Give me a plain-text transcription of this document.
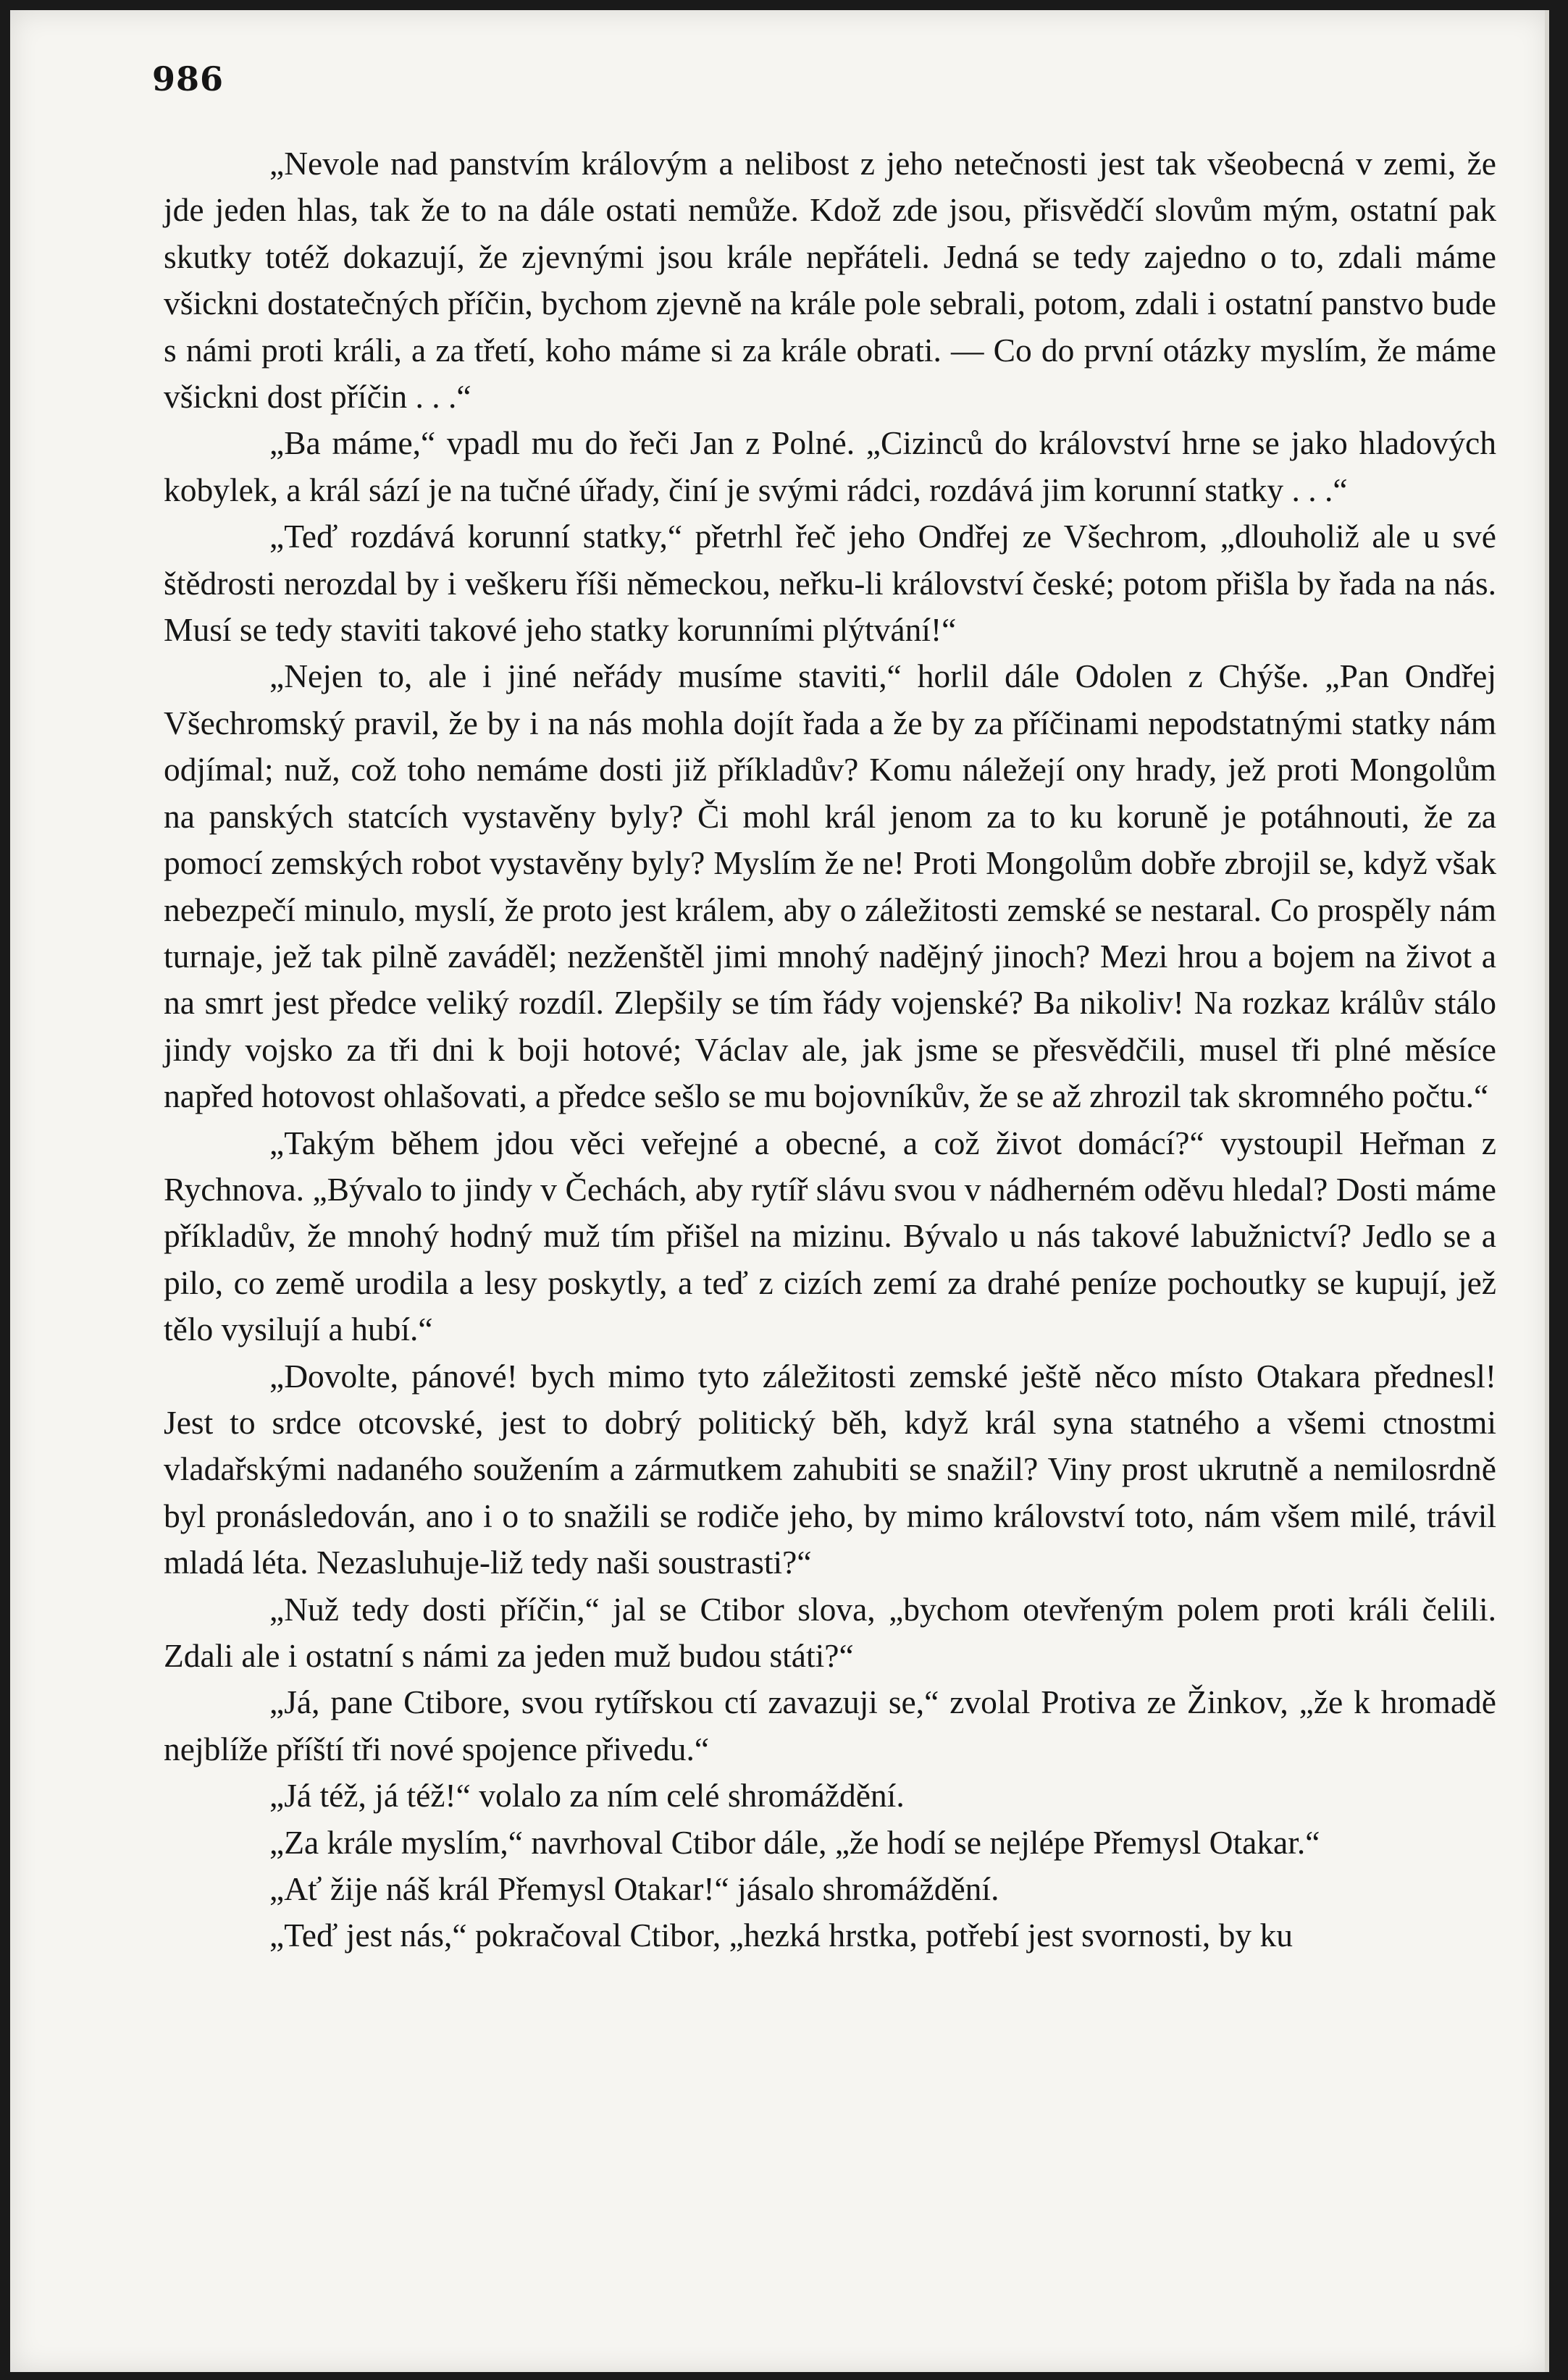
986

„Nevole nad panstvím královým a nelibost z jeho netečnosti jest tak všeobecná v zemi, že jde jeden hlas, tak že to na dále ostati nemůže. Kdož zde jsou, přisvědčí slovům mým, ostatní pak skutky totéž dokazují, že zjevnými jsou krále nepřáteli. Jedná se tedy zajedno o to, zdali máme všickni dostatečných příčin, bychom zjevně na krále pole sebrali, potom, zdali i ostatní panstvo bude s námi proti králi, a za třetí, koho máme si za krále obrati. — Co do první otázky myslím, že máme všickni dost příčin . . .“

„Ba máme,“ vpadl mu do řeči Jan z Polné. „Cizinců do království hrne se jako hladových kobylek, a král sází je na tučné úřady, činí je svými rádci, rozdává jim korunní statky . . .“

„Teď rozdává korunní statky,“ přetrhl řeč jeho Ondřej ze Všechrom, „dlouholiž ale u své štědrosti nerozdal by i veškeru říši německou, neřku-li království české; potom přišla by řada na nás. Musí se tedy staviti takové jeho statky korunními plýtvání!“

„Nejen to, ale i jiné neřády musíme staviti,“ horlil dále Odolen z Chýše. „Pan Ondřej Všechromský pravil, že by i na nás mohla dojít řada a že by za příčinami nepodstatnými statky nám odjímal; nuž, což toho nemáme dosti již příkladův? Komu náležejí ony hrady, jež proti Mongolům na panských statcích vystavěny byly? Či mohl král jenom za to ku koruně je potáhnouti, že za pomocí zemských robot vystavěny byly? Myslím že ne! Proti Mongolům dobře zbrojil se, když však nebezpečí minulo, myslí, že proto jest králem, aby o záležitosti zemské se nestaral. Co prospěly nám turnaje, jež tak pilně zaváděl; nezženštěl jimi mnohý nadějný jinoch? Mezi hrou a bojem na život a na smrt jest předce veliký rozdíl. Zlepšily se tím řády vojenské? Ba nikoliv! Na rozkaz králův stálo jindy vojsko za tři dni k boji hotové; Václav ale, jak jsme se přesvědčili, musel tři plné měsíce napřed hotovost ohlašovati, a předce sešlo se mu bojovníkův, že se až zhrozil tak skromného počtu.“

„Takým během jdou věci veřejné a obecné, a což život domácí?“ vystoupil Heřman z Rychnova. „Bývalo to jindy v Čechách, aby rytíř slávu svou v nádherném oděvu hledal? Dosti máme příkladův, že mnohý hodný muž tím přišel na mizinu. Bývalo u nás takové labužnictví? Jedlo se a pilo, co země urodila a lesy poskytly, a teď z cizích zemí za drahé peníze pochoutky se kupují, jež tělo vysilují a hubí.“

„Dovolte, pánové! bych mimo tyto záležitosti zemské ještě něco místo Otakara přednesl! Jest to srdce otcovské, jest to dobrý politický běh, když král syna statného a všemi ctnostmi vladařskými nadaného soužením a zármutkem zahubiti se snažil? Viny prost ukrutně a nemilosrdně byl pronásledován, ano i o to snažili se rodiče jeho, by mimo království toto, nám všem milé, trávil mladá léta. Nezasluhuje-liž tedy naši soustrasti?“

„Nuž tedy dosti příčin,“ jal se Ctibor slova, „bychom otevřeným polem proti králi čelili. Zdali ale i ostatní s námi za jeden muž budou státi?“

„Já, pane Ctibore, svou rytířskou ctí zavazuji se,“ zvolal Protiva ze Žinkov, „že k hromadě nejblíže příští tři nové spojence přivedu.“

„Já též, já též!“ volalo za ním celé shromáždění.

„Za krále myslím,“ navrhoval Ctibor dále, „že hodí se nejlépe Přemysl Otakar.“

„Ať žije náš král Přemysl Otakar!“ jásalo shromáždění.

„Teď jest nás,“ pokračoval Ctibor, „hezká hrstka, potřebí jest svornosti, by ku
